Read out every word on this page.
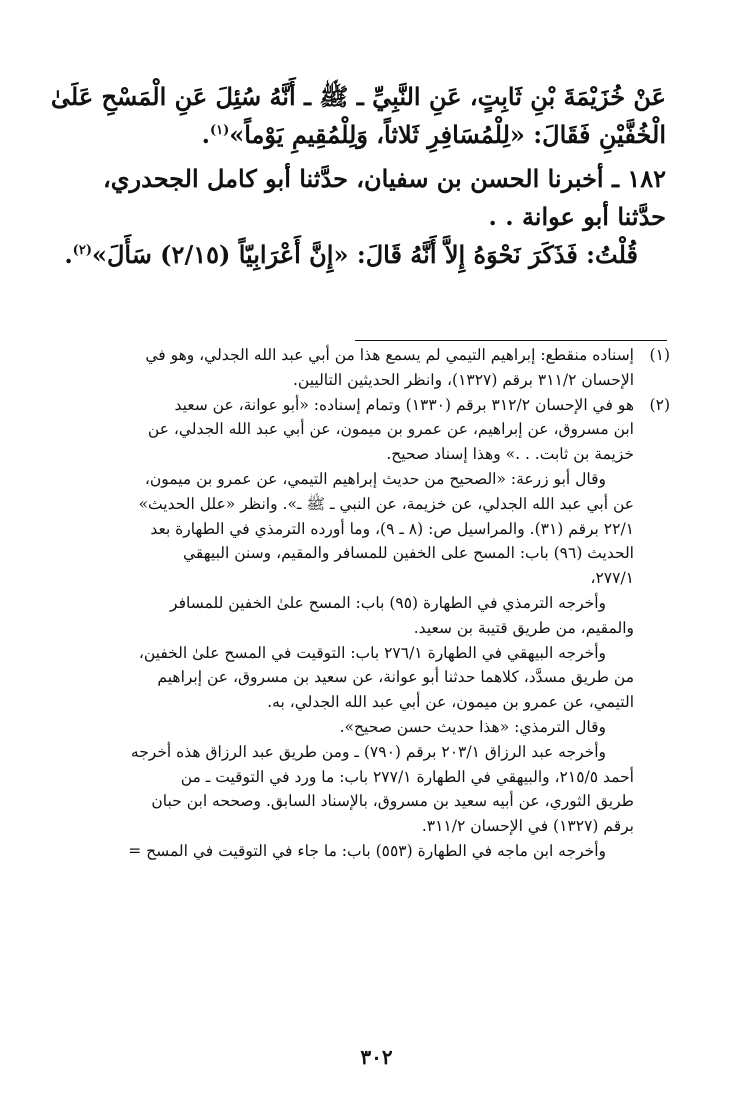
عَنْ خُزَيْمَةَ بْنِ ثَابِتٍ، عَنِ النَّبِيِّ ـ ﷺ ـ أَنَّهُ سُئِلَ عَنِ الْمَسْحِ عَلَىٰ
الْخُفَّيْنِ فَقَالَ: «لِلْمُسَافِرِ ثَلاثاً، وَلِلْمُقِيمِ يَوْماً»$^{(١)}$.
١٨٢ ـ أخبرنا الحسن بن سفيان، حدَّثنا أبو كامل الجحدري،
حدَّثنا أبو عوانة . .
قُلْتُ: فَذَكَرَ نَحْوَهُ إِلاَّ أَنَّهُ قَالَ: «إِنَّ أَعْرَابِيّاً (٢/١٥) سَأَلَ»$^{(٢)}$.
(١)
إسناده منقطع: إبراهيم التيمي لم يسمع هذا من أبي عبد الله الجدلي، وهو في
الإحسان ٣١١/٢ برقم (١٣٢٧)، وانظر الحديثين التاليين.
(٢)
هو في الإحسان ٣١٢/٢ برقم (١٣٣٠) وتمام إسناده: «أبو عوانة، عن سعيد
ابن مسروق، عن إبراهيم، عن عمرو بن ميمون، عن أبي عبد الله الجدلي، عن
خزيمة بن ثابت. . .» وهذا إسناد صحيح.
وقال أبو زرعة: «الصحيح من حديث إبراهيم التيمي، عن عمرو بن ميمون،
عن أبي عبد الله الجدلي، عن خزيمة، عن النبي ـ ﷺ ـ». وانظر «علل الحديث»
٢٢/١ برقم (٣١). والمراسيل ص: (٨ ـ ٩)، وما أورده الترمذي في الطهارة بعد
الحديث (٩٦) باب: المسح على الخفين للمسافر والمقيم، وسنن البيهقي
٢٧٧/١،
وأخرجه الترمذي في الطهارة (٩٥) باب: المسح علىٰ الخفين للمسافر
والمقيم، من طريق قتيبة بن سعيد.
وأخرجه البيهقي في الطهارة ٢٧٦/١ باب: التوقيت في المسح علىٰ الخفين،
من طريق مسدَّد، كلاهما حدثنا أبو عوانة، عن سعيد بن مسروق، عن إبراهيم
التيمي، عن عمرو بن ميمون، عن أبي عبد الله الجدلي، به.
وقال الترمذي: «هذا حديث حسن صحيح».
وأخرجه عبد الرزاق ٢٠٣/١ برقم (٧٩٠) ـ ومن طريق عبد الرزاق هذه أخرجه
أحمد ٢١٥/٥، والبيهقي في الطهارة ٢٧٧/١ باب: ما ورد في التوقيت ـ من
طريق الثوري، عن أبيه سعيد بن مسروق، بالإسناد السابق. وصححه ابن حبان
برقم (١٣٢٧) في الإحسان ٣١١/٢.
وأخرجه ابن ماجه في الطهارة (٥٥٣) باب: ما جاء في التوقيت في المسح =
٣٠٢
